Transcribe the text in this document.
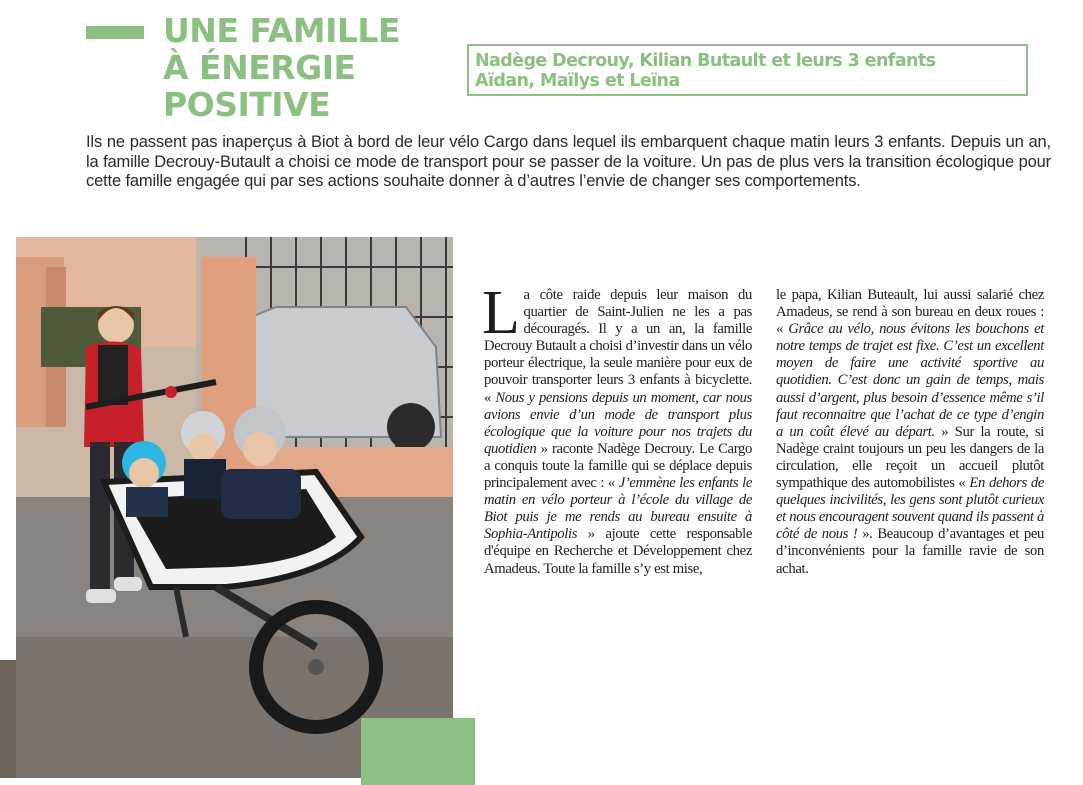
UNE FAMILLE
À ÉNERGIE
POSITIVE
Nadège Decrouy, Kilian Butault et leurs 3 enfants
Aïdan, Maïlys et Leïna

Ils ne passent pas inaperçus à Biot à bord de leur vélo Cargo dans lequel ils embarquent chaque matin leurs 3 enfants. Depuis un an, la famille Decrouy-Butault a choisi ce mode de transport pour se passer de la voiture. Un pas de plus vers la transition écologique pour cette famille engagée qui par ses actions souhaite donner à d’autres l’envie de changer ses comportements.

La côte raide depuis leur maison du quartier de Saint-Julien ne les a pas découragés. Il y a un an, la famille Decrouy Butault a choisi d’investir dans un vélo porteur électrique, la seule manière pour eux de pouvoir transporter leurs 3 enfants à bicyclette. « Nous y pensions depuis un moment, car nous avions envie d’un mode de transport plus écologique que la voiture pour nos trajets du quotidien » raconte Nadège Decrouy. Le Cargo a conquis toute la famille qui se déplace depuis principalement avec : « J’emmène les enfants le matin en vélo porteur à l’école du village de Biot puis je me rends au bureau ensuite à Sophia-Antipolis » ajoute cette responsable d'équipe en Recherche et Développement chez Amadeus. Toute la famille s’y est mise,

le papa, Kilian Buteault, lui aussi salarié chez Amadeus, se rend à son bureau en deux roues : « Grâce au vélo, nous évitons les bouchons et notre temps de trajet est fixe. C’est un excellent moyen de faire une activité sportive au quotidien. C’est donc un gain de temps, mais aussi d’argent, plus besoin d’essence même s’il faut reconnaitre que l’achat de ce type d’engin a un coût élevé au départ. » Sur la route, si Nadège craint toujours un peu les dangers de la circulation, elle reçoit un accueil plutôt sympathique des automobilistes « En dehors de quelques incivilités, les gens sont plutôt curieux et nous encouragent souvent quand ils passent à côté de nous ! ». Beaucoup d’avantages et peu d’inconvénients pour la famille ravie de son achat.
